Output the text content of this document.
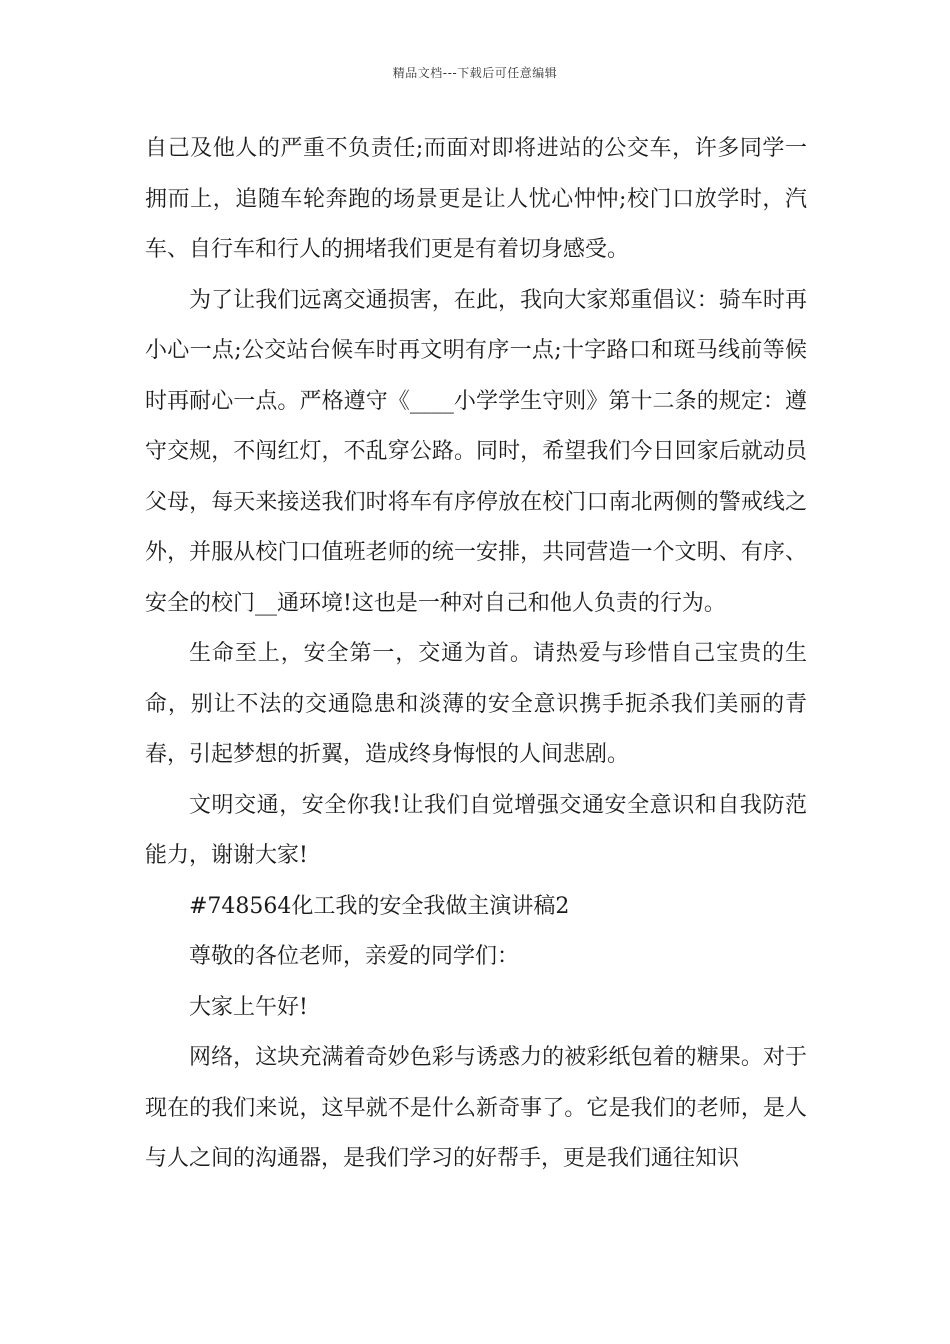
精品文档---下载后可任意编辑

自己及他人的严重不负责任;而面对即将进站的公交车，许多同学一拥而上，追随车轮奔跑的场景更是让人忧心忡忡;校门口放学时，汽车、自行车和行人的拥堵我们更是有着切身感受。

为了让我们远离交通损害，在此，我向大家郑重倡议：骑车时再小心一点;公交站台候车时再文明有序一点;十字路口和斑马线前等候时再耐心一点。严格遵守《____小学学生守则》第十二条的规定：遵守交规，不闯红灯，不乱穿公路。同时，希望我们今日回家后就动员父母，每天来接送我们时将车有序停放在校门口南北两侧的警戒线之外，并服从校门口值班老师的统一安排，共同营造一个文明、有序、安全的校门__通环境!这也是一种对自己和他人负责的行为。

生命至上，安全第一，交通为首。请热爱与珍惜自己宝贵的生命，别让不法的交通隐患和淡薄的安全意识携手扼杀我们美丽的青春，引起梦想的折翼，造成终身悔恨的人间悲剧。

文明交通，安全你我!让我们自觉增强交通安全意识和自我防范能力，谢谢大家!

#748564化工我的安全我做主演讲稿2

尊敬的各位老师，亲爱的同学们：

大家上午好!

网络，这块充满着奇妙色彩与诱惑力的被彩纸包着的糖果。对于现在的我们来说，这早就不是什么新奇事了。它是我们的老师，是人与人之间的沟通器，是我们学习的好帮手，更是我们通往知识
